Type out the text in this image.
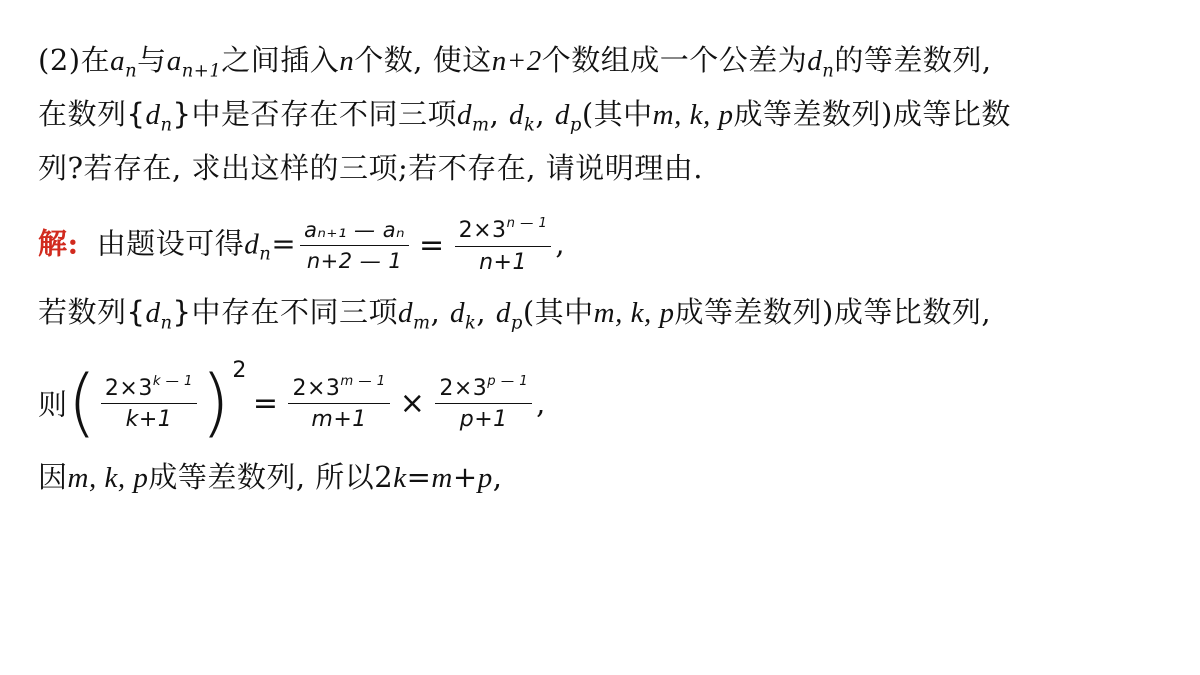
(2)在$a_n$与$a_{n+1}$之间插入n个数, 使这n+2个数组成一个公差为$d_n$的等差数列,
在数列$\{d_n\}$中是否存在不同三项$d_m$, $d_k$, $d_p$(其中m, k, p成等差数列)成等比数
列?若存在, 求出这样的三项;若不存在, 请说明理由.
解: 由题设可得$d_n= \frac{\text{aₙ₊₁ — aₙ}}{n+2 — 1} = \frac{2\times 3^{n — 1}}{n+1}$ ,
若数列$\{d_n\}$中存在不同三项$d_m$, $d_k$, $d_p$(其中m, k, p成等差数列)成等比数列,
则( $\frac{2\times 3^{k — 1}}{k+1} )^2= \frac{2\times 3^{m — 1}}{m+1} \times \frac{2\times 3^{p — 1}}{p+1}$ ,
因m, k, p成等差数列, 所以2k=m+p,
